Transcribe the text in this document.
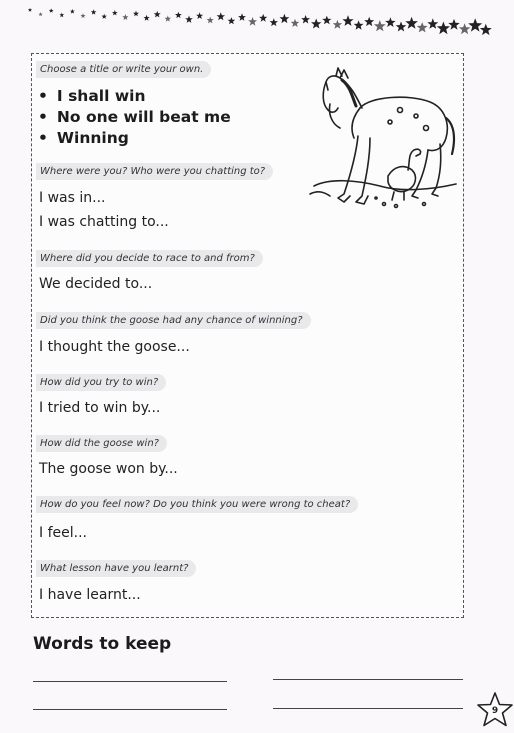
Choose a title or write your own.
• I shall win
• No one will beat me
• Winning
Where were you? Who were you chatting to?
I was in...
I was chatting to...
Where did you decide to race to and from?
We decided to...
Did you think the goose had any chance of winning?
I thought the goose...
How did you try to win?
I tried to win by...
How did the goose win?
The goose won by...
How do you feel now? Do you think you were wrong to cheat?
I feel...
What lesson have you learnt?
I have learnt...
Words to keep
9
